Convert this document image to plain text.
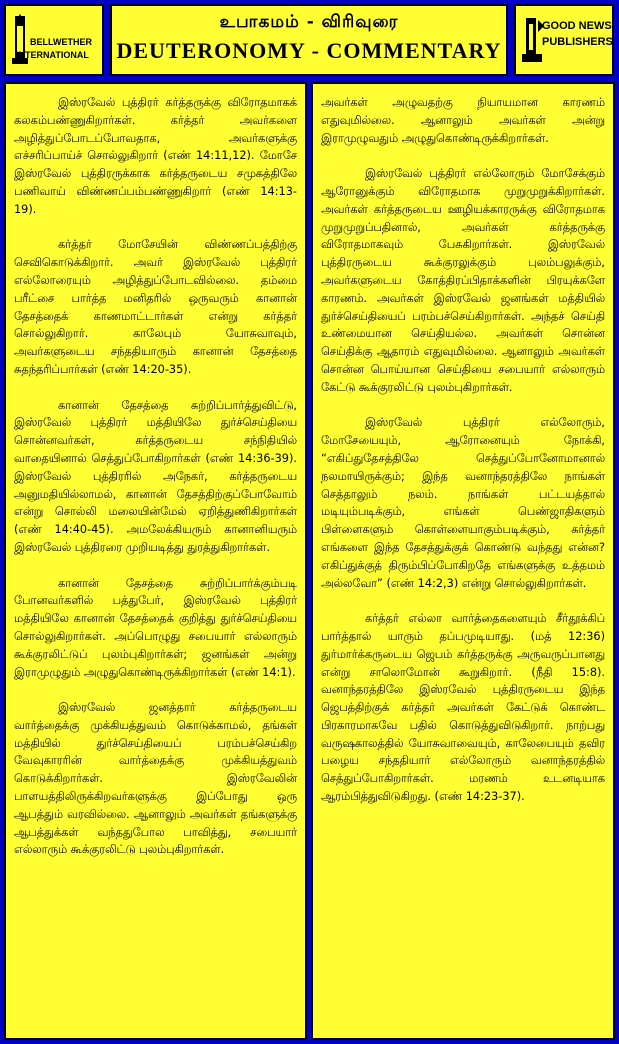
BELLWETHER
INTERNATIONAL
உபாகமம் - விரிவுரை
DEUTERONOMY - COMMENTARY
GOOD NEWS
PUBLISHERS

இஸ்ரவேல் புத்திரர் கர்த்தருக்கு விரோதமாகக் கலகம்பண்ணுகிறார்கள். கர்த்தர் அவர்களை அழித்துப்போடப்போவதாக, அவர்களுக்கு எச்சரிப்பாய்ச் சொல்லுகிறார் (எண் 14:11,12). மோசே இஸ்ரவேல் புத்திரருக்காக கர்த்தருடைய சமுகத்திலே பணிவாய் விண்ணப்பம்பண்ணுகிறார் (எண் 14:13-19).

கர்த்தர் மோசேயின் விண்ணப்பத்திற்கு செவிகொடுக்கிறார். அவர் இஸ்ரவேல் புத்திரர் எல்லோரையும் அழித்துப்போடவில்லை. தம்மை பரீட்சை பார்த்த மனிதரில் ஒருவரும் கானான் தேசத்தைக் காணமாட்டார்கள் என்று கர்த்தர் சொல்லுகிறார். காலேபும் யோசுவாவும், அவர்களுடைய சந்ததியாரும் கானான் தேசத்தை சுதந்தரிப்பார்கள் (எண் 14:20-35).

கானான் தேசத்தை சுற்றிப்பார்த்துவிட்டு, இஸ்ரவேல் புத்திரர் மத்தியிலே துர்ச்செய்தியை சொன்னவர்கள், கர்த்தருடைய சந்நிதியில் வாதையினால் செத்துப்போகிறார்கள் (எண் 14:36-39). இஸ்ரவேல் புத்திரரில் அநேகர், கர்த்தருடைய அனுமதியில்லாமல், கானான் தேசத்திற்குப்போவோம் என்று சொல்லி மலையின்மேல் ஏறித்துணிகிறார்கள் (எண் 14:40-45). அமலேக்கியரும் கானானியரும் இஸ்ரவேல் புத்திரரை முறியடித்து துரத்துகிறார்கள்.

கானான் தேசத்தை சுற்றிப்பார்க்கும்படி போனவர்களில் பத்துபேர், இஸ்ரவேல் புத்திரர் மத்தியிலே கானான் தேசத்தைக் குறித்து துர்ச்செய்தியை சொல்லுகிறார்கள். அப்பொழுது சபையார் எல்லாரும் கூக்குரலிட்டுப் புலம்புகிறார்கள்; ஜனங்கள் அன்று இராமுழுதும் அழுதுகொண்டிருக்கிறார்கள் (எண் 14:1).

இஸ்ரவேல் ஜனத்தார் கர்த்தருடைய வார்த்தைக்கு முக்கியத்துவம் கொடுக்காமல், தங்கள் மத்தியில் துர்ச்செய்தியைப் பரம்பச்செய்கிற வேவுகாரரின் வார்த்தைக்கு முக்கியத்துவம் கொடுக்கிறார்கள். இஸ்ரவேலின் பாளயத்திலிருக்கிறவர்களுக்கு இப்போது ஒரு ஆபத்தும் வரவில்லை. ஆனாலும் அவர்கள் தங்களுக்கு ஆபத்துக்கள் வந்ததுபோல பாவித்து, சபையார் எல்லாரும் கூக்குரலிட்டு புலம்புகிறார்கள்.

அவர்கள் அழுவதற்கு நியாயமான காரணம் எதுவுமில்லை. ஆனாலும் அவர்கள் அன்று இராமுழுவதும் அழுதுகொண்டிருக்கிறார்கள்.

இஸ்ரவேல் புத்திரர் எல்லோரும் மோசேக்கும் ஆரோனுக்கும் விரோதமாக முறுமுறுக்கிறார்கள். அவர்கள் கர்த்தருடைய ஊழியக்காரருக்கு விரோதமாக முறுமுறுப்பதினால், அவர்கள் கர்த்தருக்கு விரோதமாகவும் பேசுகிறார்கள். இஸ்ரவேல் புத்திரருடைய கூக்குரலுக்கும் புலம்பலுக்கும், அவர்களுடைய கோத்திரப்பிதாக்களின் பிரயுக்களே காரணம். அவர்கள் இஸ்ரவேல் ஜனங்கள் மத்தியில் துர்ச்செய்தியைப் பரம்பச்செய்கிறார்கள். அந்தச் செய்தி உண்மையான செய்தியல்ல. அவர்கள் சொன்ன செய்திக்கு ஆதாரம் எதுவுமில்லை. ஆனாலும் அவர்கள் சொன்ன பொய்யான செய்தியை சபையார் எல்லாரும் கேட்டு கூக்குரலிட்டு புலம்புகிறார்கள்.

இஸ்ரவேல் புத்திரர் எல்லோரும், மோசேயையும், ஆரோனையும் நோக்கி, “எகிப்துதேசத்திலே செத்துப்போனோமானால் நலமாயிருக்கும்; இந்த வனாந்தரத்திலே நாங்கள் செத்தாலும் நலம். நாங்கள் பட்டயத்தால் மடியும்படிக்கும், எங்கள் பெண்ஜாதிகளும் பிள்ளைகளும் கொள்ளையாகும்படிக்கும், கர்த்தர் எங்களை இந்த தேசத்துக்குக் கொண்டு வந்தது என்ன? எகிப்துக்குத் திரும்பிப்போகிறதே எங்களுக்கு உத்தமம் அல்லவோ” (எண் 14:2,3) என்று சொல்லுகிறார்கள்.

கர்த்தர் எல்லா வார்த்தைகளையும் சீர்தூக்கிப் பார்த்தால் யாரும் தப்பமுடியாது. (மத் 12:36) துர்மார்க்கருடைய ஜெபம் கர்த்தருக்கு அருவருப்பானது என்று சாலொமோன் கூறுகிறார். (நீதி 15:8). வனாந்தரத்திலே இஸ்ரவேல் புத்திரருடைய இந்த ஜெபத்திற்குக் கர்த்தர் அவர்கள் கேட்டுக் கொண்ட பிரகாரமாகவே பதில் கொடுத்துவிடுகிறார். நாற்பது வருஷகாலத்தில் யோசுவாவையும், காலேபையும் தவிர பழைய சந்ததியார் எல்லோரும் வனாந்தரத்தில் செத்துப்போகிறார்கள். மரணம் உடனடியாக ஆரம்பித்துவிடுகிறது. (எண் 14:23-37).
